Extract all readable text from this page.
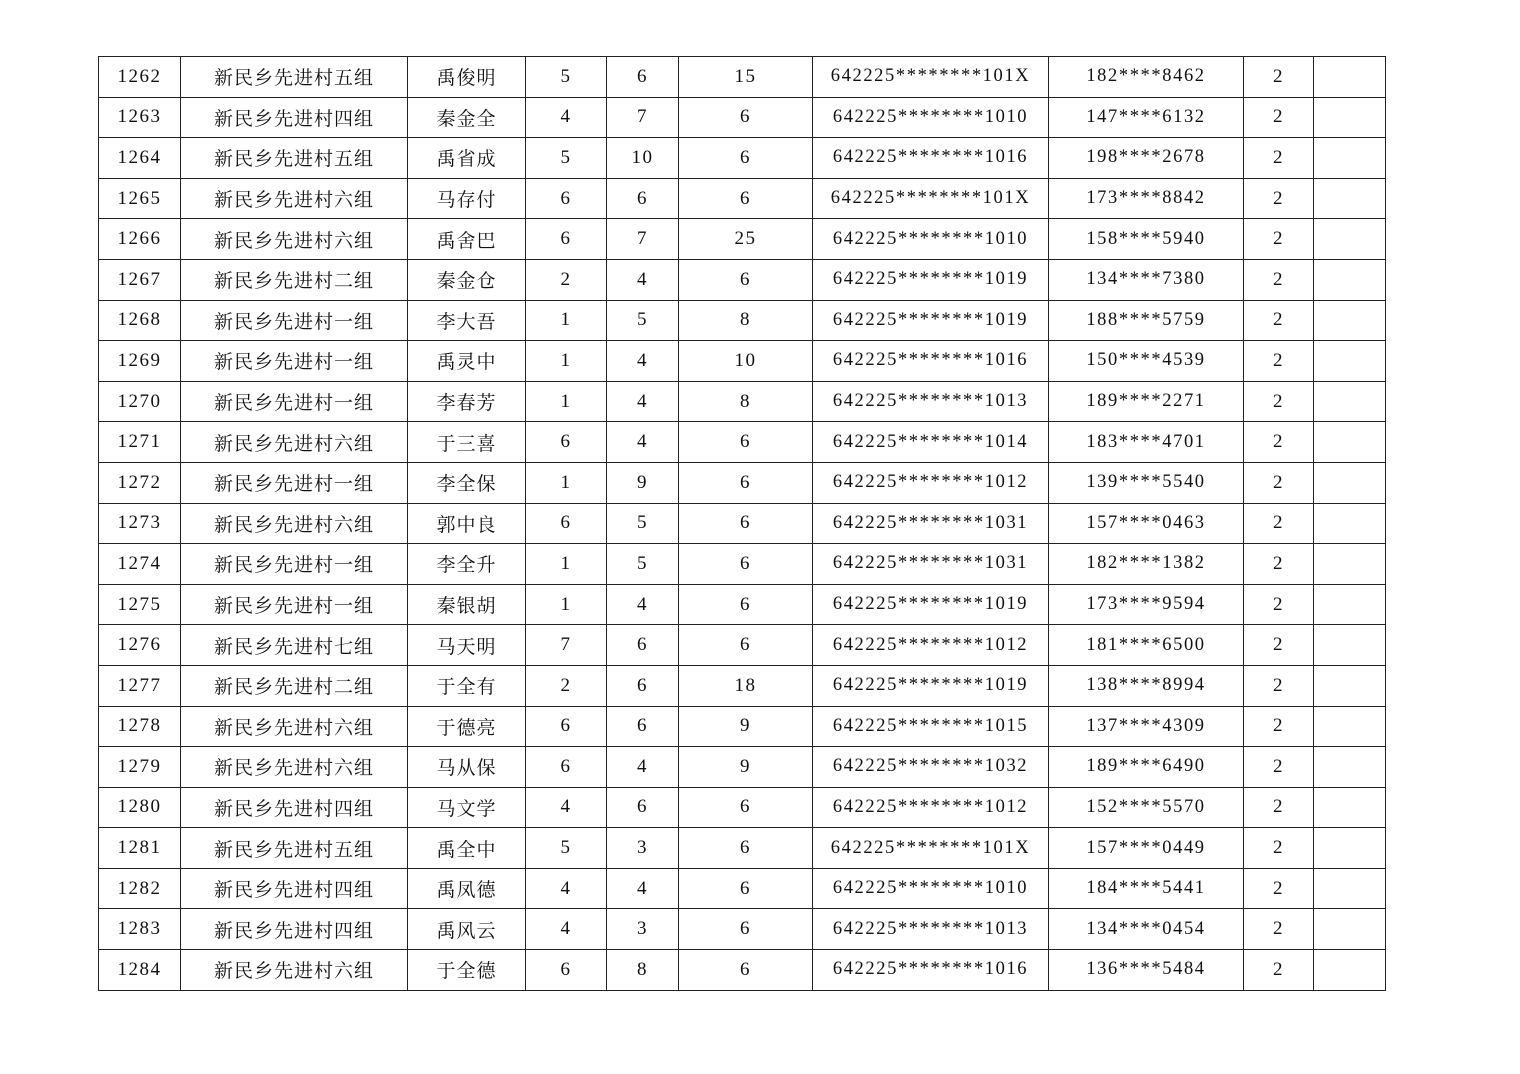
1262	新民乡先进村五组	禹俊明	5	6	15	642225********101X	182****8462	2	
1263	新民乡先进村四组	秦金全	4	7	6	642225********1010	147****6132	2	
1264	新民乡先进村五组	禹省成	5	10	6	642225********1016	198****2678	2	
1265	新民乡先进村六组	马存付	6	6	6	642225********101X	173****8842	2	
1266	新民乡先进村六组	禹舍巴	6	7	25	642225********1010	158****5940	2	
1267	新民乡先进村二组	秦金仓	2	4	6	642225********1019	134****7380	2	
1268	新民乡先进村一组	李大吾	1	5	8	642225********1019	188****5759	2	
1269	新民乡先进村一组	禹灵中	1	4	10	642225********1016	150****4539	2	
1270	新民乡先进村一组	李春芳	1	4	8	642225********1013	189****2271	2	
1271	新民乡先进村六组	于三喜	6	4	6	642225********1014	183****4701	2	
1272	新民乡先进村一组	李全保	1	9	6	642225********1012	139****5540	2	
1273	新民乡先进村六组	郭中良	6	5	6	642225********1031	157****0463	2	
1274	新民乡先进村一组	李全升	1	5	6	642225********1031	182****1382	2	
1275	新民乡先进村一组	秦银胡	1	4	6	642225********1019	173****9594	2	
1276	新民乡先进村七组	马天明	7	6	6	642225********1012	181****6500	2	
1277	新民乡先进村二组	于全有	2	6	18	642225********1019	138****8994	2	
1278	新民乡先进村六组	于德亮	6	6	9	642225********1015	137****4309	2	
1279	新民乡先进村六组	马从保	6	4	9	642225********1032	189****6490	2	
1280	新民乡先进村四组	马文学	4	6	6	642225********1012	152****5570	2	
1281	新民乡先进村五组	禹全中	5	3	6	642225********101X	157****0449	2	
1282	新民乡先进村四组	禹凤德	4	4	6	642225********1010	184****5441	2	
1283	新民乡先进村四组	禹风云	4	3	6	642225********1013	134****0454	2	
1284	新民乡先进村六组	于全德	6	8	6	642225********1016	136****5484	2	
